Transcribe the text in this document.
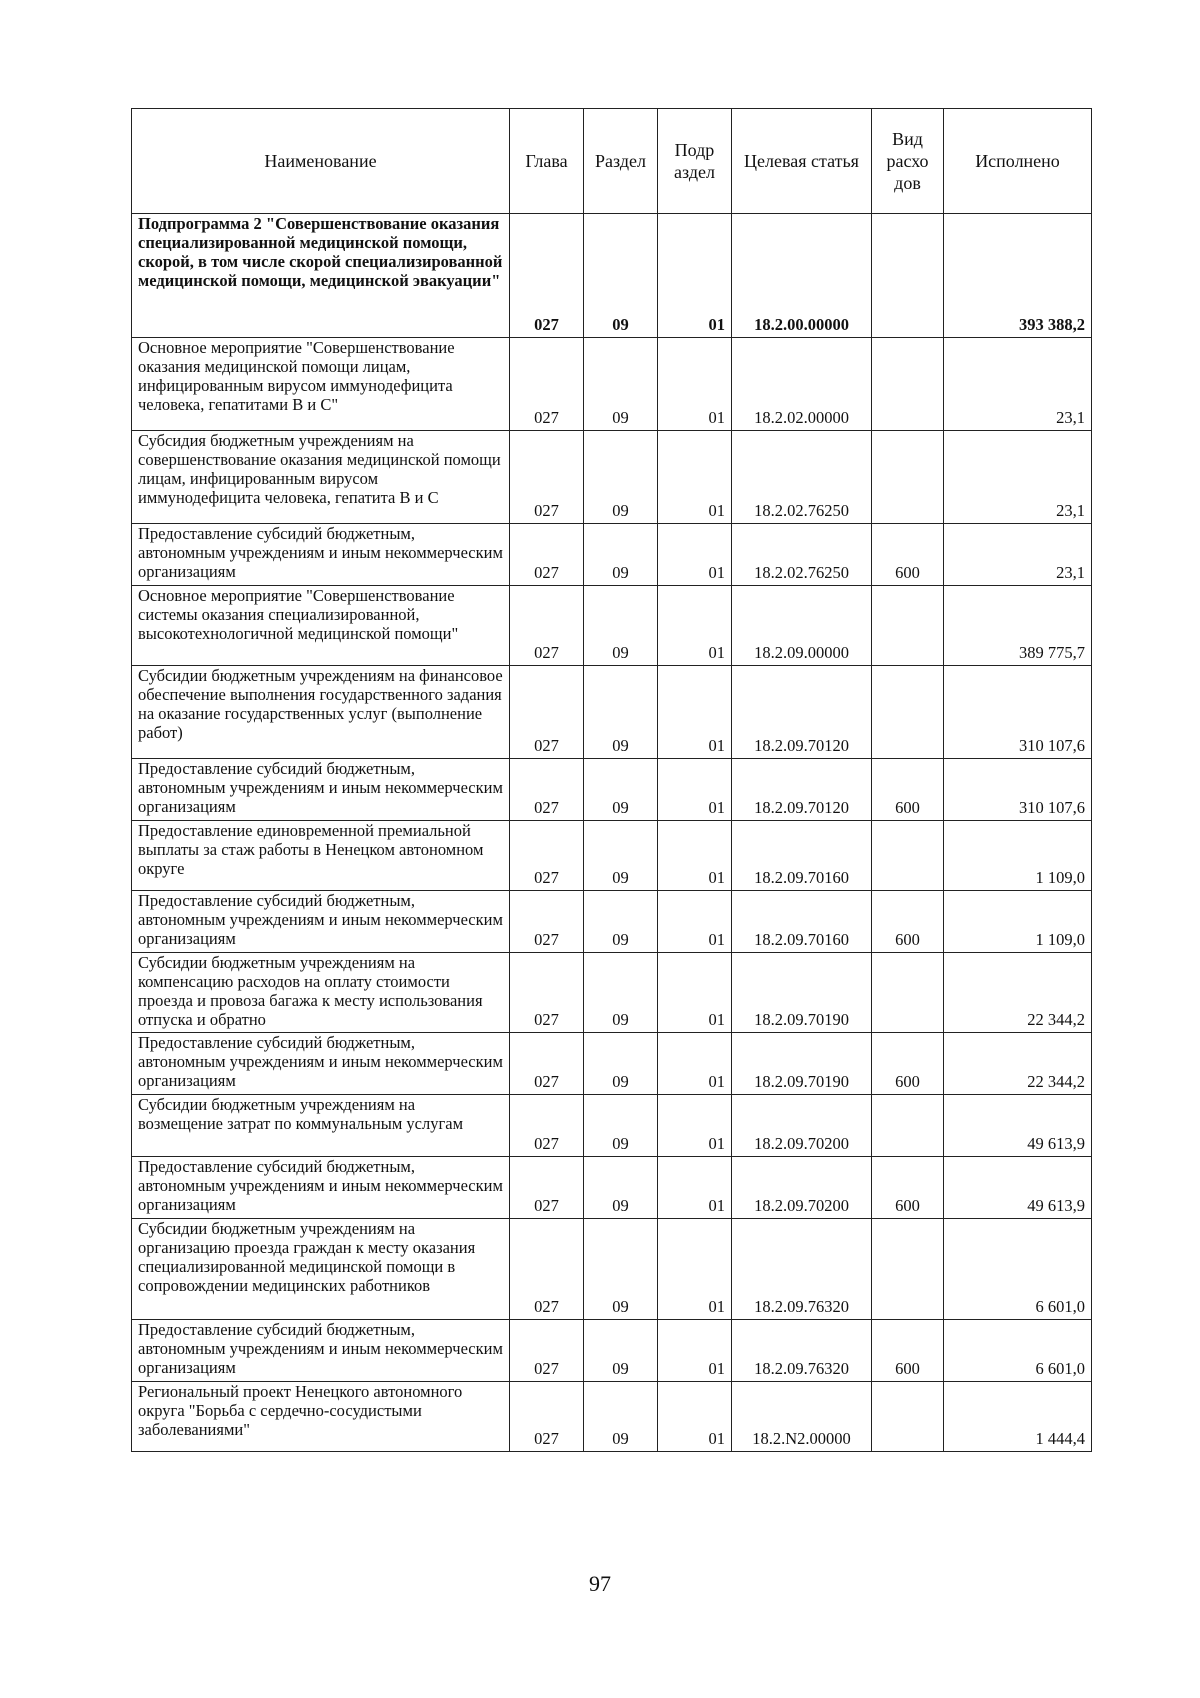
Наименование	Глава	Раздел	Подр аздел	Целевая статья	Вид расхо дов	Исполнено
Подпрограмма 2 "Совершенствование оказания специализированной медицинской помощи, скорой, в том числе скорой специализированной медицинской помощи, медицинской эвакуации"	027	09	01	18.2.00.00000		393 388,2
Основное мероприятие "Совершенствование оказания медицинской помощи лицам, инфицированным вирусом иммунодефицита человека, гепатитами В и С"	027	09	01	18.2.02.00000		23,1
Субсидия бюджетным учреждениям на совершенствование оказания медицинской помощи лицам, инфицированным вирусом иммунодефицита человека, гепатита В и С	027	09	01	18.2.02.76250		23,1
Предоставление субсидий бюджетным, автономным учреждениям и иным некоммерческим организациям	027	09	01	18.2.02.76250	600	23,1
Основное мероприятие "Совершенствование системы оказания специализированной, высокотехнологичной медицинской помощи"	027	09	01	18.2.09.00000		389 775,7
Субсидии бюджетным учреждениям на финансовое обеспечение выполнения государственного задания на оказание государственных услуг (выполнение работ)	027	09	01	18.2.09.70120		310 107,6
Предоставление субсидий бюджетным, автономным учреждениям и иным некоммерческим организациям	027	09	01	18.2.09.70120	600	310 107,6
Предоставление единовременной премиальной выплаты за стаж работы в Ненецком автономном округе	027	09	01	18.2.09.70160		1 109,0
Предоставление субсидий бюджетным, автономным учреждениям и иным некоммерческим организациям	027	09	01	18.2.09.70160	600	1 109,0
Субсидии бюджетным учреждениям на компенсацию расходов на оплату стоимости проезда и провоза багажа к месту использования отпуска и обратно	027	09	01	18.2.09.70190		22 344,2
Предоставление субсидий бюджетным, автономным учреждениям и иным некоммерческим организациям	027	09	01	18.2.09.70190	600	22 344,2
Субсидии бюджетным учреждениям на возмещение затрат по коммунальным услугам	027	09	01	18.2.09.70200		49 613,9
Предоставление субсидий бюджетным, автономным учреждениям и иным некоммерческим организациям	027	09	01	18.2.09.70200	600	49 613,9
Субсидии бюджетным учреждениям на организацию проезда граждан к месту оказания специализированной медицинской помощи в сопровождении медицинских работников	027	09	01	18.2.09.76320		6 601,0
Предоставление субсидий бюджетным, автономным учреждениям и иным некоммерческим организациям	027	09	01	18.2.09.76320	600	6 601,0
Региональный проект Ненецкого автономного округа "Борьба с сердечно-сосудистыми заболеваниями"	027	09	01	18.2.N2.00000		1 444,4
97
